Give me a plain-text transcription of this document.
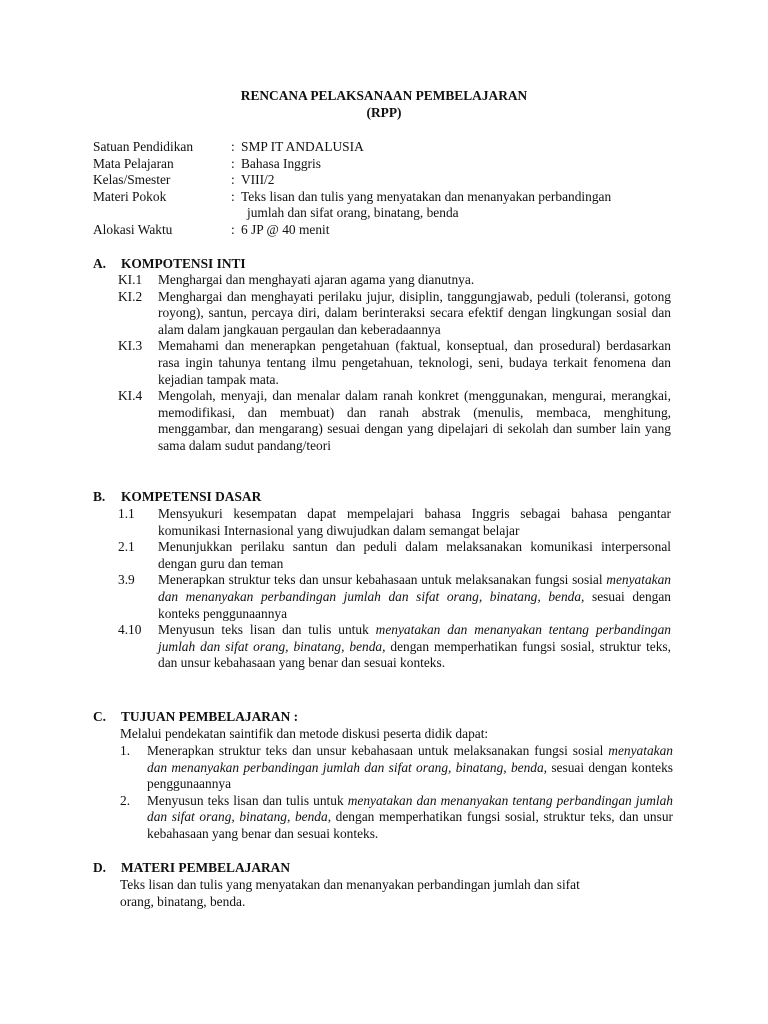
RENCANA PELAKSANAAN PEMBELAJARAN
(RPP)
Satuan Pendidikan	: SMP IT ANDALUSIA
Mata Pelajaran	: Bahasa Inggris
Kelas/Smester	: VIII/2
Materi Pokok	: Teks lisan dan tulis yang menyatakan dan menanyakan perbandingan
jumlah dan sifat orang, binatang, benda
Alokasi Waktu	: 6 JP @ 40 menit
A. KOMPOTENSI INTI
KI.1	Menghargai dan menghayati ajaran agama yang dianutnya.
KI.2	Menghargai dan menghayati perilaku jujur, disiplin, tanggungjawab, peduli (toleransi, gotong royong), santun, percaya diri, dalam berinteraksi secara efektif dengan lingkungan sosial dan alam dalam jangkauan pergaulan dan keberadaannya
KI.3	Memahami dan menerapkan pengetahuan (faktual, konseptual, dan prosedural) berdasarkan rasa ingin tahunya tentang ilmu pengetahuan, teknologi, seni, budaya terkait fenomena dan kejadian tampak mata.
KI.4	Mengolah, menyaji, dan menalar dalam ranah konkret (menggunakan, mengurai, merangkai, memodifikasi, dan membuat) dan ranah abstrak (menulis, membaca, menghitung, menggambar, dan mengarang) sesuai dengan yang dipelajari di sekolah dan sumber lain yang sama dalam sudut pandang/teori
B. KOMPETENSI DASAR
1.1	Mensyukuri kesempatan dapat mempelajari bahasa Inggris sebagai bahasa pengantar komunikasi Internasional yang diwujudkan dalam semangat belajar
2.1	Menunjukkan perilaku santun dan peduli dalam melaksanakan komunikasi interpersonal dengan guru dan teman
3.9	Menerapkan struktur teks dan unsur kebahasaan untuk melaksanakan fungsi sosial menyatakan dan menanyakan perbandingan jumlah dan sifat orang, binatang, benda, sesuai dengan konteks penggunaannya
4.10	Menyusun teks lisan dan tulis untuk menyatakan dan menanyakan tentang perbandingan jumlah dan sifat orang, binatang, benda, dengan memperhatikan fungsi sosial, struktur teks, dan unsur kebahasaan yang benar dan sesuai konteks.
C. TUJUAN PEMBELAJARAN :
Melalui pendekatan saintifik dan metode diskusi peserta didik dapat:
1.	Menerapkan struktur teks dan unsur kebahasaan untuk melaksanakan fungsi sosial menyatakan dan menanyakan perbandingan jumlah dan sifat orang, binatang, benda, sesuai dengan konteks penggunaannya
2.	Menyusun teks lisan dan tulis untuk menyatakan dan menanyakan tentang perbandingan jumlah dan sifat orang, binatang, benda, dengan memperhatikan fungsi sosial, struktur teks, dan unsur kebahasaan yang benar dan sesuai konteks.
D. MATERI PEMBELAJARAN
Teks lisan dan tulis yang menyatakan dan menanyakan perbandingan jumlah dan sifat
orang, binatang, benda.
